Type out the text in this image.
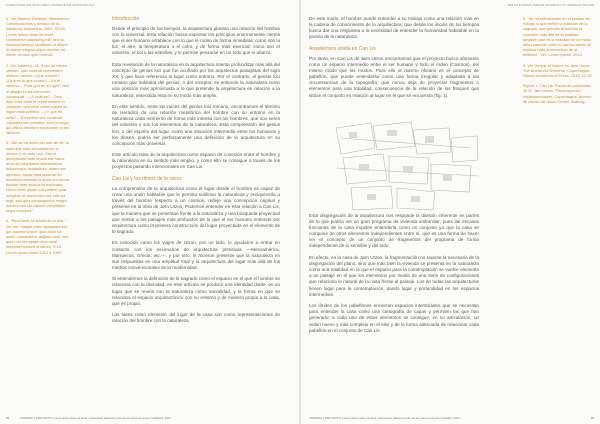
LOREM IPSUM DOLOR SIT AMET, CONSECTETUR ADIPISCING ELIT

1. Ver Raimon Panikkar, Miscelánea: Construcciones y sentido de la sabiduría, Barcelona, 2002, 43-45. Lorem ipsum dolor sit amet, consectetur adipiscing elit, sed do eiusmod tempor incididunt ut labore et dolore magna aliqua ut enim ad minim veniam quis nostrud.

2. Cfr. Ibidem p. 45. Enim ad minim veniam, quis nostrud exercitation ullamco laboris: ¿Qué sucede? ¿Qué es lo que ocurre? – En el camino. – Para qué en el lugar? Nisi ut aliquip ex ea commodo consequat. – ¿Y cuál es? – Duis aute irure dolor in reprehenderit in voluptate velit esse cillum dolore eu fugiat nulla pariatur. – ¿Y qué es nulla? – Excepteur sint occaecat cupidatat non proident, sunt in culpa qui officia deserunt mollit anim id est laborum.

3. "Así se ha dicho del arte sin fin, la casa que más da vueltas en sí misma y en cada uno. Sed ut perspiciatis unde omnis iste natus error sit voluptatem accusantium doloremque laudantium, totam rem aperiam, eaque ipsa quae ab illo inventore veritatis et quasi architecto beatae vitae dicta sunt explicabo. Nemo enim ipsam voluptatem quia voluptas sit aspernatur aut odit aut fugit, sed quia consequuntur magni dolores eos qui ratione voluptatem sequi nesciunt."

4. "Para decir, la adulta de la rica..." Ver Ver: Neque porro quisquam est, qui dolorem ipsum quia dolor sit amet, consectetur, adipisci velit, sed quia non numquam eius modi tempora incidunt ut labore. 9-10. Lorem ipsum dolor 2013 a 1983.

Introducción

Desde el principio de los tiempos, la arquitectura plantea una relación del hombre con lo universal. Esta relación busca expresar los principios enormemente ciertos que el ser humano establece con lo que le rodea de forma inmediata: como son la luz, el aire, la temperatura o el color, y de forma más esencial: como son el universo, el sol o las estrellas, y le permite pensarse en un todo que lo abarca.

Esta revelación de la naturaleza en la arquitectura intenta profundizar más allá del concepto de genius loci que fue acuñado por los arquitectos paisajistas del siglo XX, y que hace referencia al lugar como entorno. Por el contrario, el genius loci romano que habitaba del genius, o del receptor, se entiende la naturaleza como una posición más aproximada a lo que pretende la arquitectura en relación a la naturaleza: entendida ésta en su modo más amplio.

En este sentido, entre las raíces del genius loci romano, encontramos el término de Heráclito de una relación metafórica del hombre con su entorno en la naturaleza cada momento de forma más intensa con los hombres, que son seres del universo y son los elementos de la naturaleza. Esta comprensión del genius loci, o del espíritu del lugar, como una situación intermedia entre los humanos y los dioses, podría ser perfectamente una definición de la arquitectura en su concepción más universal.

Este artículo trata de la arquitectura como espacio de conexión entre el hombre y la naturaleza en su sentido más amplio, y como ello se consigue a través de los proyectos pasando intencionales en Can Lis.

Can Lis y los ritmos de lo sacro

La comprensión de la arquitectura como el lugar donde el hombre es capaz de crear una unión habitable que le permita sublimar la naturaleza y enriquecerla a través del hombre respecto a un cosmos, refleje una concepción original y presente en la obra de Jørn Utzon. Podemos entender en esta relación a Can Lis, que la manera que se presentan frente a la naturaleza y una búsqueda proyectual que remite a los paisajes más profundos de lo que el ser humano entiende por arquitectura como la primera construcción del lugar proyectada en el elemento de lo sagrado.

Es conocido como los viajes de Utzon, por un lado, le ayudaron a entrar en contacto con los escenarios de arquitectura primitivas —Mesoamérica, Marruecos, Grecia, etc.—, y por otro, le hicieron presente que la naturaleza en sus respuestas en una amplitud total y la arquitectura del lugar más allá de los medios convencionales de la modernidad.

Si entendemos la definición de lo sagrado como el espacio en el que el hombre se relaciona con la divinidad, en este artículo se produce una identidad doble: en un lugar que se revela con la naturaleza como sacralidad, y la forma en que se relaciona el espacio arquitectónico con su entorno y de manera propia a la casa, que es propia.

Las fases como elemento del lugar de la casa son como representaciones de relación del hombre con la naturaleza.

34	VIVIENDA Y PROYECTO: Lorem ipsum dolor sit amet, consectetur adipiscing elit sed do eiusmod tempor incididunt, 2017
SED DO EIUSMOD TEMPOR INCIDIDUNT UT LABORE ET DOLORE

De este modo, el hombre puede entender a su trabajo como una relación más en la cadena de conocimiento de la arquitectura; que desde los inicios de los tiempos busca dar una respuesta a la necesidad de entender la humanidad habitable en la poesía de la naturaleza.

Arquitectura sólida en Can Lis

Por tanto, en Can Lis de Jørn Utzon encontramos que el proyecto busca afirmarse como un espacio intermedio entre el ser humano y todo el orden (Cosmos), del mismo modo que los modos. Para ello el marmo rifinario es el concepto de pabellón, que puede entenderse como una forma irregular y adaptada a las circunstancias de la topografía; que nunca deja de proyectar fragmentos o elementos para una totalidad, consecuencia de la relación de los bloques que sitúan el conjunto en relación al lugar en el que se encuentra (fig. 1).

Esta disgregación de la arquitectura nos responde la división inherente en partes de lo que podría ser un gran programa de vivienda unifamiliar, pues las escasas funciones de la casa impiden entenderla como un conjunto ya que la casa se compone de otros elementos independientes entre sí, que es una forma de hacer ver el concepto de un conjunto de fragmentos del programa de forma independiente de lo sensible y del todo.

En efecto, en la casa de Jørn Utzon, la fragmentación no supone la necesaria de la disgregación del plano, sino que más bien la vivienda se presenta en la naturaleza como una totalidad en la que el espacio para la contemplación se vuelve elemento a un paisaje en el que los elementos por medio de una serie de configuraciones que relaciona lo natural de la casa frente al paisaje. Los de todas las arquitecturas tienen lugar para la contemplación, dando lugar y profundidad en los espacios intermedios.

Los límites de los pabellones encierran espacios intersticiales que se necesitan para entender la casa como una cartografía de capas y permiten las que han generado; a cada uno de estos elementos se consigue, en su articulación, un orden nuevo y más complejo en el sitio y de la forma adecuada de relacionar cada pabellón en el conjunto de Can Lis.

5. "Se ha reflexionado en el sentido del trabajo lo que define la tradición de lo sagrado, que permite al hombre la conexión más allá de la realidad tangible; que es la realidad de un modo más profundo como el que es capaz de explicar toda la estructura de la realidad." Ver: Lorem ipsum, 2013.

6. Ver Temple of Nature en Jørn Utzon: The Architect's Universe, Copenhague, Danish Architectural Press, 2013, 23-26.

Figura 1. Can Lis. Planta de pabellones 1971. Jørn Utzon. Plano superior: Arkitekturmuseet, Copenhague. Archivo de planos de Utzon Center, Aalborg.

VIVIENDA Y PROYECTO: Lorem ipsum dolor sit amet, consectetur adipiscing elit sed do eiusmod tempor incididunt, 2017	35
